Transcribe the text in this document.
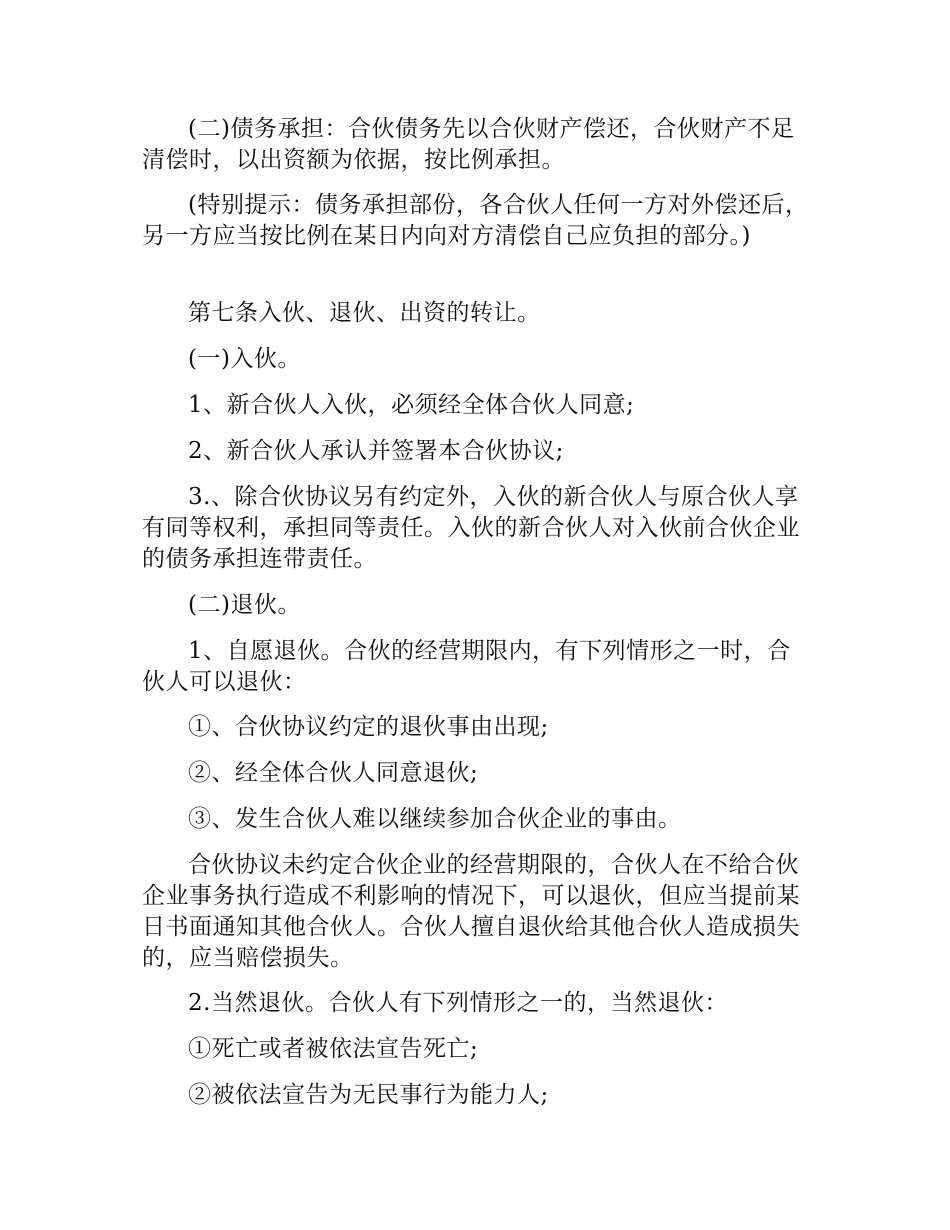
(二)债务承担：合伙债务先以合伙财产偿还，合伙财产不足清偿时，以出资额为依据，按比例承担。

(特别提示：债务承担部份，各合伙人任何一方对外偿还后，另一方应当按比例在某日内向对方清偿自己应负担的部分。)

第七条入伙、退伙、出资的转让。

(一)入伙。

1、新合伙人入伙，必须经全体合伙人同意;

2、新合伙人承认并签署本合伙协议;

3.、除合伙协议另有约定外，入伙的新合伙人与原合伙人享有同等权利，承担同等责任。入伙的新合伙人对入伙前合伙企业的债务承担连带责任。

(二)退伙。

1、自愿退伙。合伙的经营期限内，有下列情形之一时，合伙人可以退伙：

①、合伙协议约定的退伙事由出现;

②、经全体合伙人同意退伙;

③、发生合伙人难以继续参加合伙企业的事由。

合伙协议未约定合伙企业的经营期限的，合伙人在不给合伙企业事务执行造成不利影响的情况下，可以退伙，但应当提前某日书面通知其他合伙人。合伙人擅自退伙给其他合伙人造成损失的，应当赔偿损失。

2.当然退伙。合伙人有下列情形之一的，当然退伙：

①死亡或者被依法宣告死亡;

②被依法宣告为无民事行为能力人;
